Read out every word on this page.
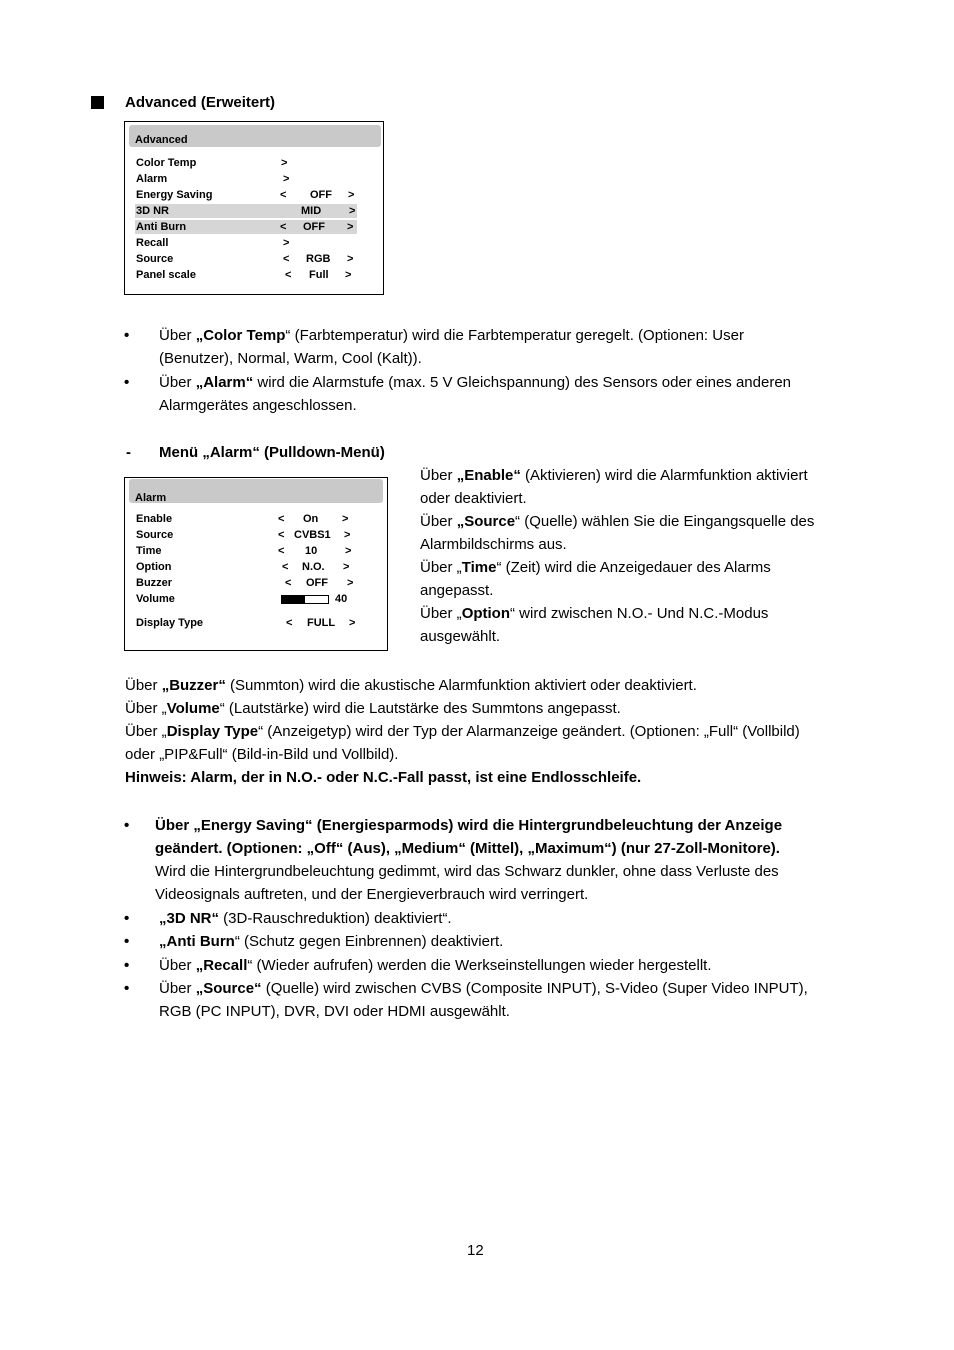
Advanced (Erweitert)
Advanced
Color Temp	>
Alarm	>
Energy Saving	< OFF >
3D NR	MID	>
Anti Burn	< OFF >
Recall	>
Source	< RGB >
Panel scale	< Full >
• Über „Color Temp“ (Farbtemperatur) wird die Farbtemperatur geregelt. (Optionen: User
(Benutzer), Normal, Warm, Cool (Kalt)).
• Über „Alarm“ wird die Alarmstufe (max. 5 V Gleichspannung) des Sensors oder eines anderen
Alarmgerätes angeschlossen.
- Menü „Alarm“ (Pulldown-Menü)
Alarm
Enable	< On >
Source	< CVBS1 >
Time	< 10	>
Option	< N.O. >
Buzzer	< OFF >
Volume	40
Display Type	< FULL >
Über „Enable“ (Aktivieren) wird die Alarmfunktion aktiviert
oder deaktiviert.
Über „Source“ (Quelle) wählen Sie die Eingangsquelle des
Alarmbildschirms aus.
Über „Time“ (Zeit) wird die Anzeigedauer des Alarms
angepasst.
Über „Option“ wird zwischen N.O.- Und N.C.-Modus
ausgewählt.
Über „Buzzer“ (Summton) wird die akustische Alarmfunktion aktiviert oder deaktiviert.
Über „Volume“ (Lautstärke) wird die Lautstärke des Summtons angepasst.
Über „Display Type“ (Anzeigetyp) wird der Typ der Alarmanzeige geändert. (Optionen: „Full“ (Vollbild)
oder „PIP&Full“ (Bild-in-Bild und Vollbild).
Hinweis: Alarm, der in N.O.- oder N.C.-Fall passt, ist eine Endlosschleife.
• Über „Energy Saving“ (Energiesparmods) wird die Hintergrundbeleuchtung der Anzeige
geändert. (Optionen: „Off“ (Aus), „Medium“ (Mittel), „Maximum“) (nur 27-Zoll-Monitore).
Wird die Hintergrundbeleuchtung gedimmt, wird das Schwarz dunkler, ohne dass Verluste des
Videosignals auftreten, und der Energieverbrauch wird verringert.
• „3D NR“ (3D-Rauschreduktion) deaktiviert“.
• „Anti Burn“ (Schutz gegen Einbrennen) deaktiviert.
• Über „Recall“ (Wieder aufrufen) werden die Werkseinstellungen wieder hergestellt.
• Über „Source“ (Quelle) wird zwischen CVBS (Composite INPUT), S-Video (Super Video INPUT),
RGB (PC INPUT), DVR, DVI oder HDMI ausgewählt.
12
